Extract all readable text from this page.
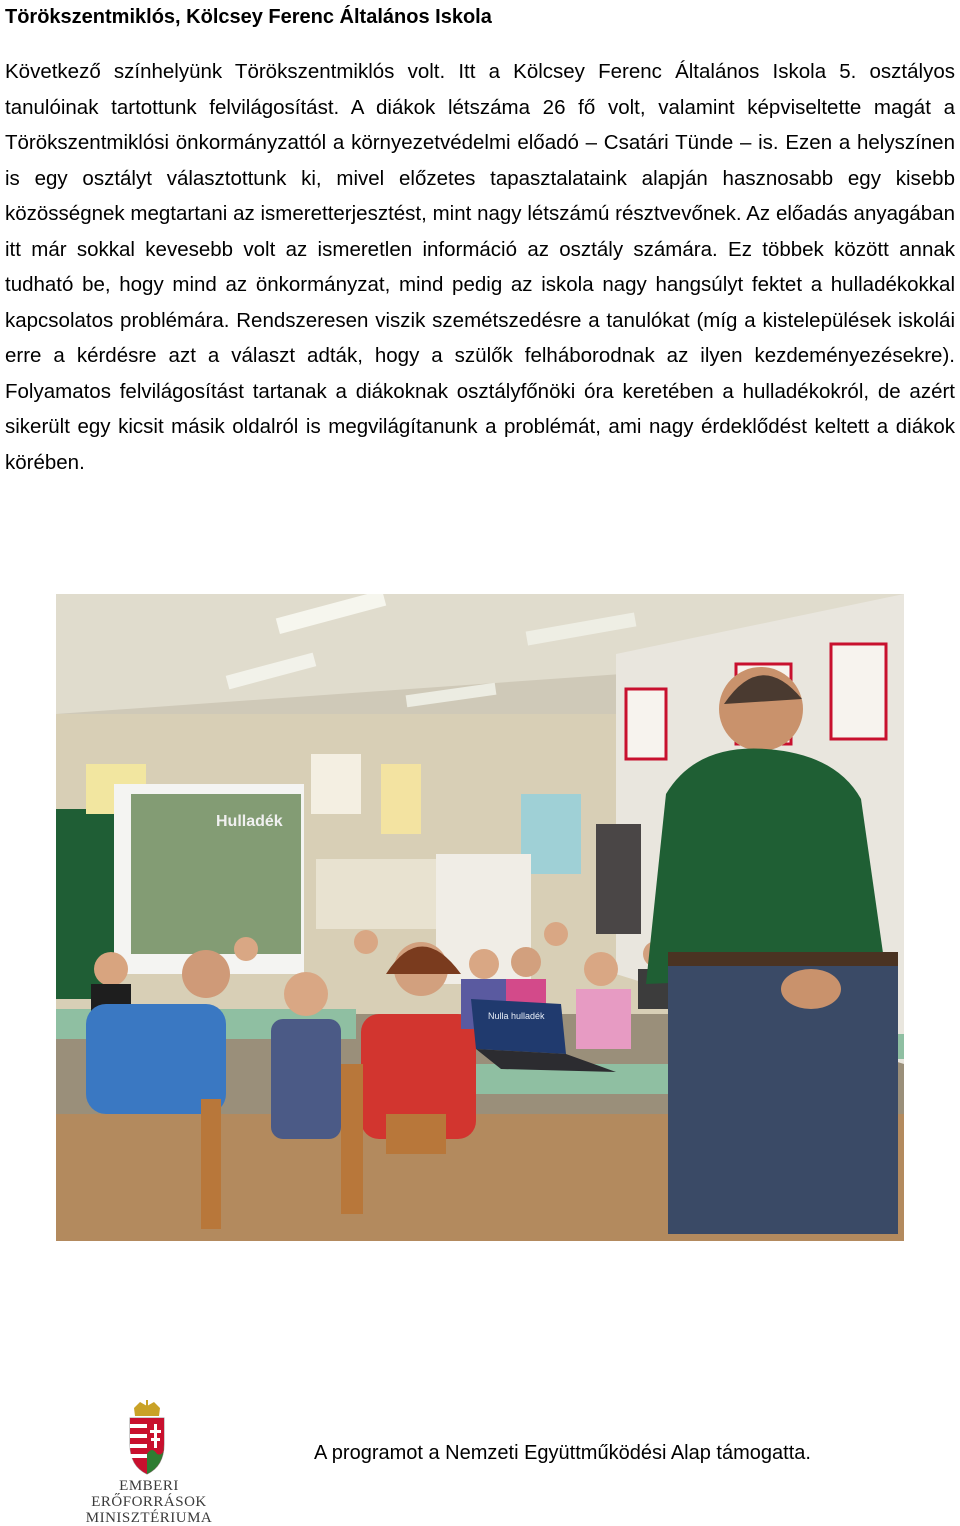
Törökszentmiklós, Kölcsey Ferenc Általános Iskola
Következő színhelyünk Törökszentmiklós volt. Itt a Kölcsey Ferenc Általános Iskola 5. osztályos tanulóinak tartottunk felvilágosítást. A diákok létszáma 26 fő volt, valamint képviseltette magát a Törökszentmiklósi önkormányzattól a környezetvédelmi előadó – Csatári Tünde – is. Ezen a helyszínen is egy osztályt választottunk ki, mivel előzetes tapasztalataink alapján hasznosabb egy kisebb közösségnek megtartani az ismeretterjesztést, mint nagy létszámú résztvevőnek. Az előadás anyagában itt már sokkal kevesebb volt az ismeretlen információ az osztály számára. Ez többek között annak tudható be, hogy mind az önkormányzat, mind pedig az iskola nagy hangsúlyt fektet a hulladékokkal kapcsolatos problémára. Rendszeresen viszik szemétszedésre a tanulókat (míg a kistelepülések iskolái erre a kérdésre azt a választ adták, hogy a szülők felháborodnak az ilyen kezdeményezésekre). Folyamatos felvilágosítást tartanak a diákoknak osztályfőnöki óra keretében a hulladékokról, de azért sikerült egy kicsit másik oldalról is megvilágítanunk a problémát, ami nagy érdeklődést keltett a diákok körében.
Hulladék
Nulla hulladék
EMBERI ERŐFORRÁSOK
MINISZTÉRIUMA
A programot a Nemzeti Együttműködési Alap támogatta.
